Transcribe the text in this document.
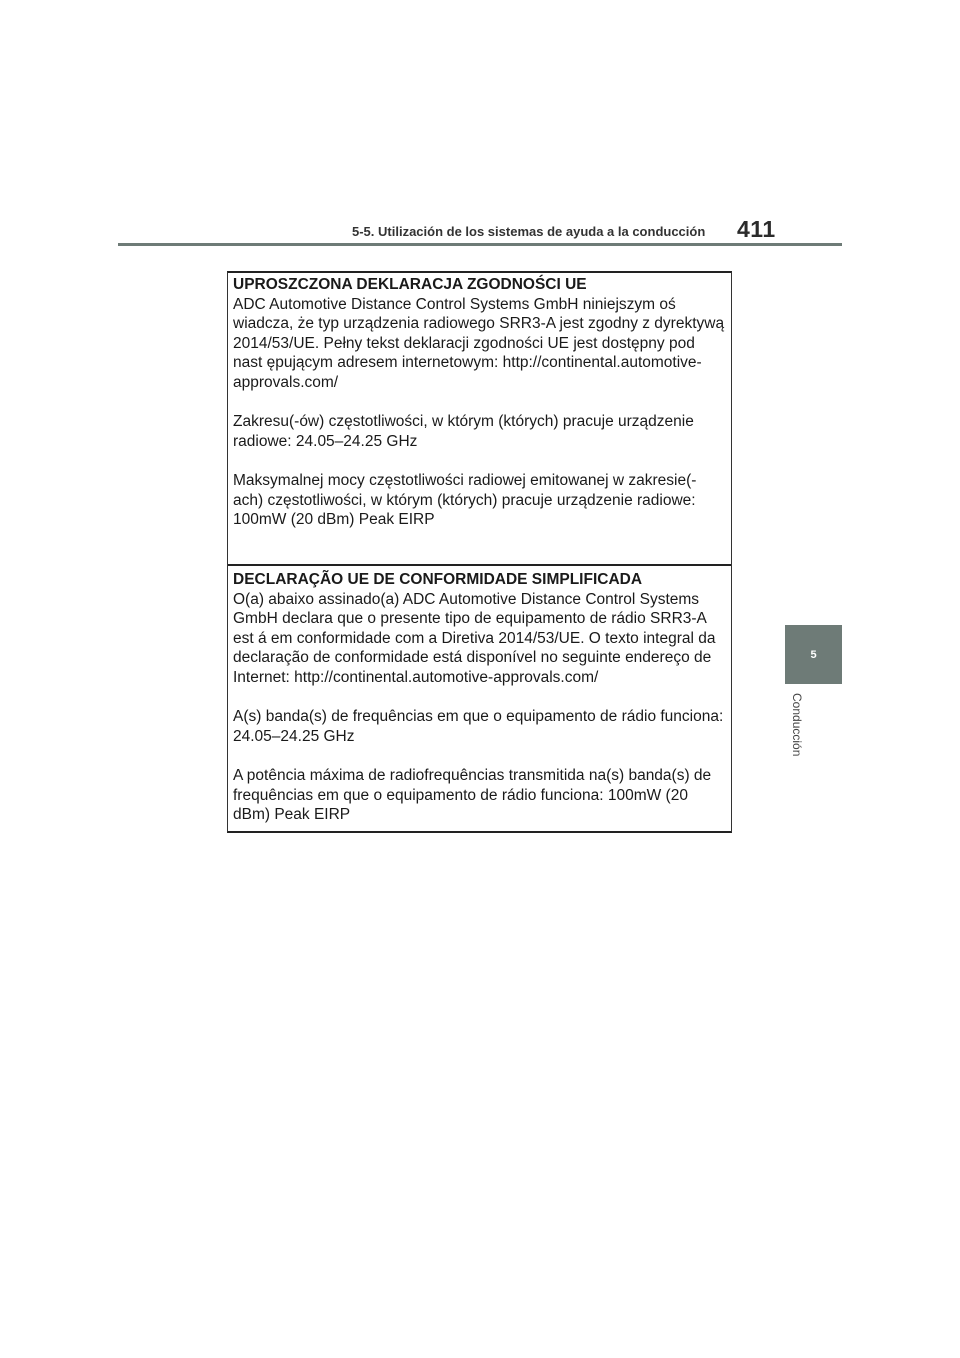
5-5. Utilización de los sistemas de ayuda a la conducción 411
5
Conducción

UPROSZCZONA DEKLARACJA ZGODNOŚCI UE

ADC Automotive Distance Control Systems GmbH niniejszym oś wiadcza, że typ urządzenia radiowego SRR3-A jest zgodny z dyrektywą 2014/53/UE. Pełny tekst deklaracji zgodności UE jest dostępny pod nast ępującym adresem internetowym: http://continental.automotive-approvals.com/

Zakresu(-ów) częstotliwości, w którym (których) pracuje urządzenie radiowe: 24.05–24.25 GHz

Maksymalnej mocy częstotliwości radiowej emitowanej w zakresie(-ach) częstotliwości, w którym (których) pracuje urządzenie radiowe: 100mW (20 dBm) Peak EIRP

DECLARAÇÃO UE DE CONFORMIDADE SIMPLIFICADA

O(a) abaixo assinado(a) ADC Automotive Distance Control Systems GmbH declara que o presente tipo de equipamento de rádio SRR3-A est á em conformidade com a Diretiva 2014/53/UE. O texto integral da declaração de conformidade está disponível no seguinte endereço de Internet: http://continental.automotive-approvals.com/

A(s) banda(s) de frequências em que o equipamento de rádio funciona: 24.05–24.25 GHz

A potência máxima de radiofrequências transmitida na(s) banda(s) de frequências em que o equipamento de rádio funciona: 100mW (20 dBm) Peak EIRP
